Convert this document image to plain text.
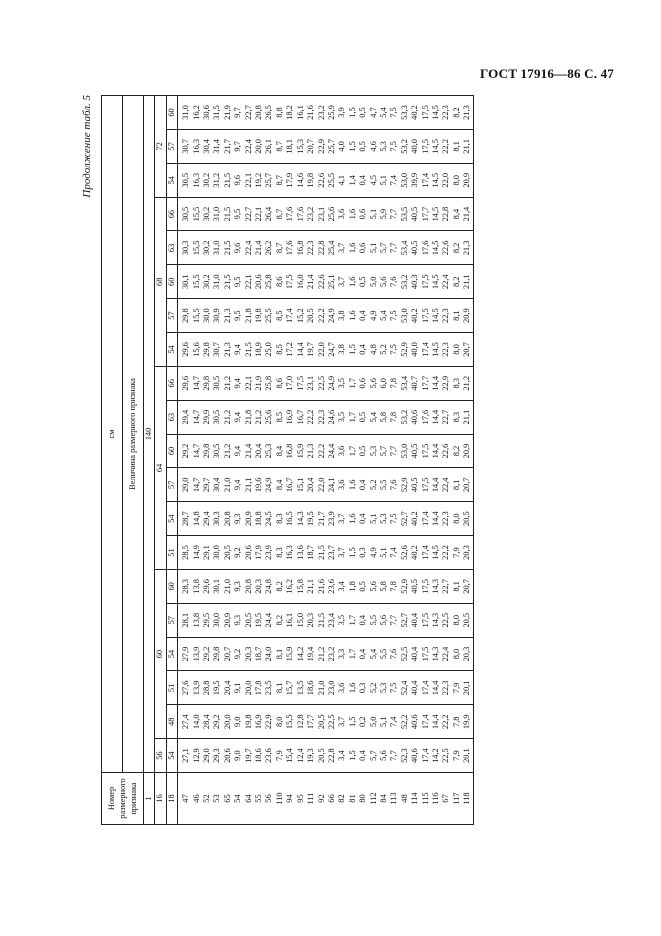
ГОСТ 17916—86 С. 47
Продолжение табл. 5
Номер размерного признака	см																			
	Величина размерного признака																			
1	140																			
16	56	60					64						68					72		
18	54	48	51	54	57	60	51	54	57	60	63	66	54	57	60	63	66	54	57	60
47	27,1	27,4	27,6	27,9	28,1	28,3	28,5	28,7	29,0	29,2	29,4	29,6	29,6	29,8	30,1	30,3	30,5	30,5	30,7	31,0
46	12,9	14,0	13,9	13,9	13,8	13,8	14,9	14,8	14,7	14,7	14,7	14,7	15,6	15,5	15,5	15,5	15,5	16,3	16,3	16,2
52	29,0	28,4	28,8	29,2	29,5	29,6	29,1	29,4	29,7	29,8	29,9	29,8	29,8	30,0	30,2	30,2	30,2	30,2	30,4	30,6
53	29,3	29,2	19,5	29,8	30,0	30,1	30,0	30,3	30,4	30,5	30,5	30,5	30,7	30,9	31,0	31,0	31,0	31,2	31,4	31,5
65	20,6	20,0	20,4	20,7	20,9	21,0	20,5	20,8	21,0	21,2	21,2	21,2	21,3	21,3	21,5	21,5	21,5	21,5	21,7	21,9
54	9,0	9,0	9,1	9,2	9,3	9,3	9,2	9,3	9,4	9,4	9,4	9,4	9,4	9,5	9,5	9,6	9,5	9,6	9,7	9,7
64	19,7	19,8	20,0	20,3	20,5	20,8	20,6	20,9	21,1	21,4	21,8	22,1	21,5	21,8	22,1	22,4	22,7	22,1	22,4	22,7
55	18,6	16,9	17,8	18,7	19,5	20,3	17,9	18,8	19,6	20,4	21,2	21,9	18,9	19,8	20,6	21,4	22,1	19,2	20,0	20,8
56	23,6	22,9	23,5	24,0	24,4	24,8	23,9	24,5	24,9	25,3	25,6	25,8	25,0	25,5	25,8	26,2	26,4	25,7	26,1	26,5
110	7,9	8,0	8,1	8,1	8,2	8,2	8,3	8,3	8,4	8,4	8,5	8,6	8,5	8,5	8,6	8,7	8,7	8,7	8,7	8,8
94	15,4	15,5	15,7	15,9	16,1	16,2	16,3	16,5	16,7	16,8	16,9	17,0	17,2	17,4	17,5	17,6	17,6	17,9	18,1	18,2
95	12,4	12,8	13,5	14,2	15,0	15,8	13,6	14,3	15,1	15,9	16,7	17,5	14,4	15,2	16,0	16,8	17,6	14,6	15,3	16,1
111	19,3	17,7	18,6	19,4	20,3	21,1	18,7	19,5	20,4	21,3	22,2	23,1	19,7	20,5	21,4	22,3	23,2	19,8	20,7	21,6
92	20,5	20,5	21,0	21,2	21,5	21,6	21,5	21,7	22,0	22,2	22,3	22,5	22,0	22,2	22,6	22,8	23,1	22,6	22,9	23,2
66	22,8	22,5	23,0	23,2	23,4	23,6	23,7	23,9	24,1	24,4	24,6	24,9	24,7	24,9	25,1	25,4	25,6	25,5	25,7	25,9
82	3,4	3,7	3,6	3,3	3,5	3,4	3,7	3,7	3,6	3,6	3,5	3,5	3,8	3,8	3,7	3,7	3,6	4,1	4,0	3,9
81	1,5	1,5	1,6	1,7	1,7	1,8	1,5	1,6	1,6	1,7	1,7	1,7	1,5	1,6	1,6	1,6	1,6	1,4	1,5	1,5
80	0,4	0,2	0,3	0,4	0,4	0,5	0,3	0,4	0,4	0,5	0,5	0,6	0,4	0,4	0,5	0,6	0,6	0,4	0,5	0,5
112	5,7	5,0	5,2	5,4	5,5	5,6	4,9	5,1	5,2	5,3	5,4	5,6	4,8	4,9	5,0	5,1	5,1	4,5	4,6	4,7
84	5,6	5,1	5,3	5,5	5,6	5,8	5,1	5,3	5,5	5,7	5,8	6,0	5,2	5,4	5,6	5,7	5,9	5,1	5,3	5,4
113	7,7	7,4	7,5	7,6	7,7	7,8	7,4	7,5	7,6	7,7	7,8	7,8	7,5	7,5	7,6	7,7	7,7	7,4	7,5	7,5
48	52,3	52,2	52,4	52,5	52,7	52,9	52,6	52,7	52,9	53,0	53,2	53,4	52,9	53,0	53,2	53,4	53,5	53,0	53,2	53,3
114	40,6	40,6	40,4	40,4	40,4	40,5	40,2	40,2	40,5	40,5	40,6	40,7	40,0	40,2	40,3	40,5	40,5	39,9	40,0	40,2
115	17,4	17,4	17,4	17,5	17,5	17,5	17,4	17,4	17,5	17,5	17,6	17,7	17,4	17,5	17,5	17,6	17,7	17,4	17,5	17,5
116	14,2	14,4	14,4	14,3	14,3	14,3	14,5	14,4	14,4	14,4	14,4	14,4	14,5	14,5	14,5	14,5	14,5	14,5	14,5	14,5
67	22,5	22,2	22,3	22,4	22,5	22,7	22,2	22,3	22,4	22,6	22,7	22,9	22,3	22,3	22,4	22,6	22,8	22,0	22,2	22,3
117	7,9	7,8	7,9	8,0	8,0	8,1	7,9	8,0	8,1	8,2	8,3	8,3	8,0	8,1	8,2	8,2	8,4	8,0	8,1	8,2
118	20,1	19,9	20,1	20,3	20,5	20,7	20,3	20,5	20,7	20,9	21,1	21,2	20,7	20,9	21,1	21,3	21,4	20,9	21,1	21,3
